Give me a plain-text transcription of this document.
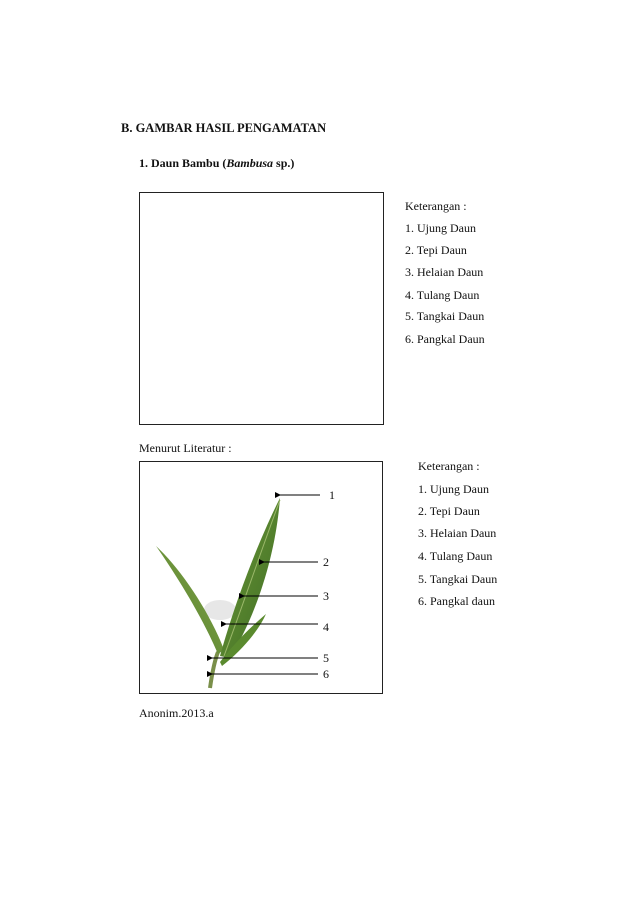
B. GAMBAR HASIL PENGAMATAN
1. Daun Bambu (Bambusa sp.)
Keterangan :
1. Ujung Daun
2. Tepi Daun
3. Helaian Daun
4. Tulang Daun
5. Tangkai Daun
6. Pangkal Daun
Menurut Literatur :
1
2
3
4
5
6
Keterangan :
1. Ujung Daun
2. Tepi Daun
3. Helaian Daun
4. Tulang Daun
5. Tangkai Daun
6. Pangkal daun
Anonim.2013.a
